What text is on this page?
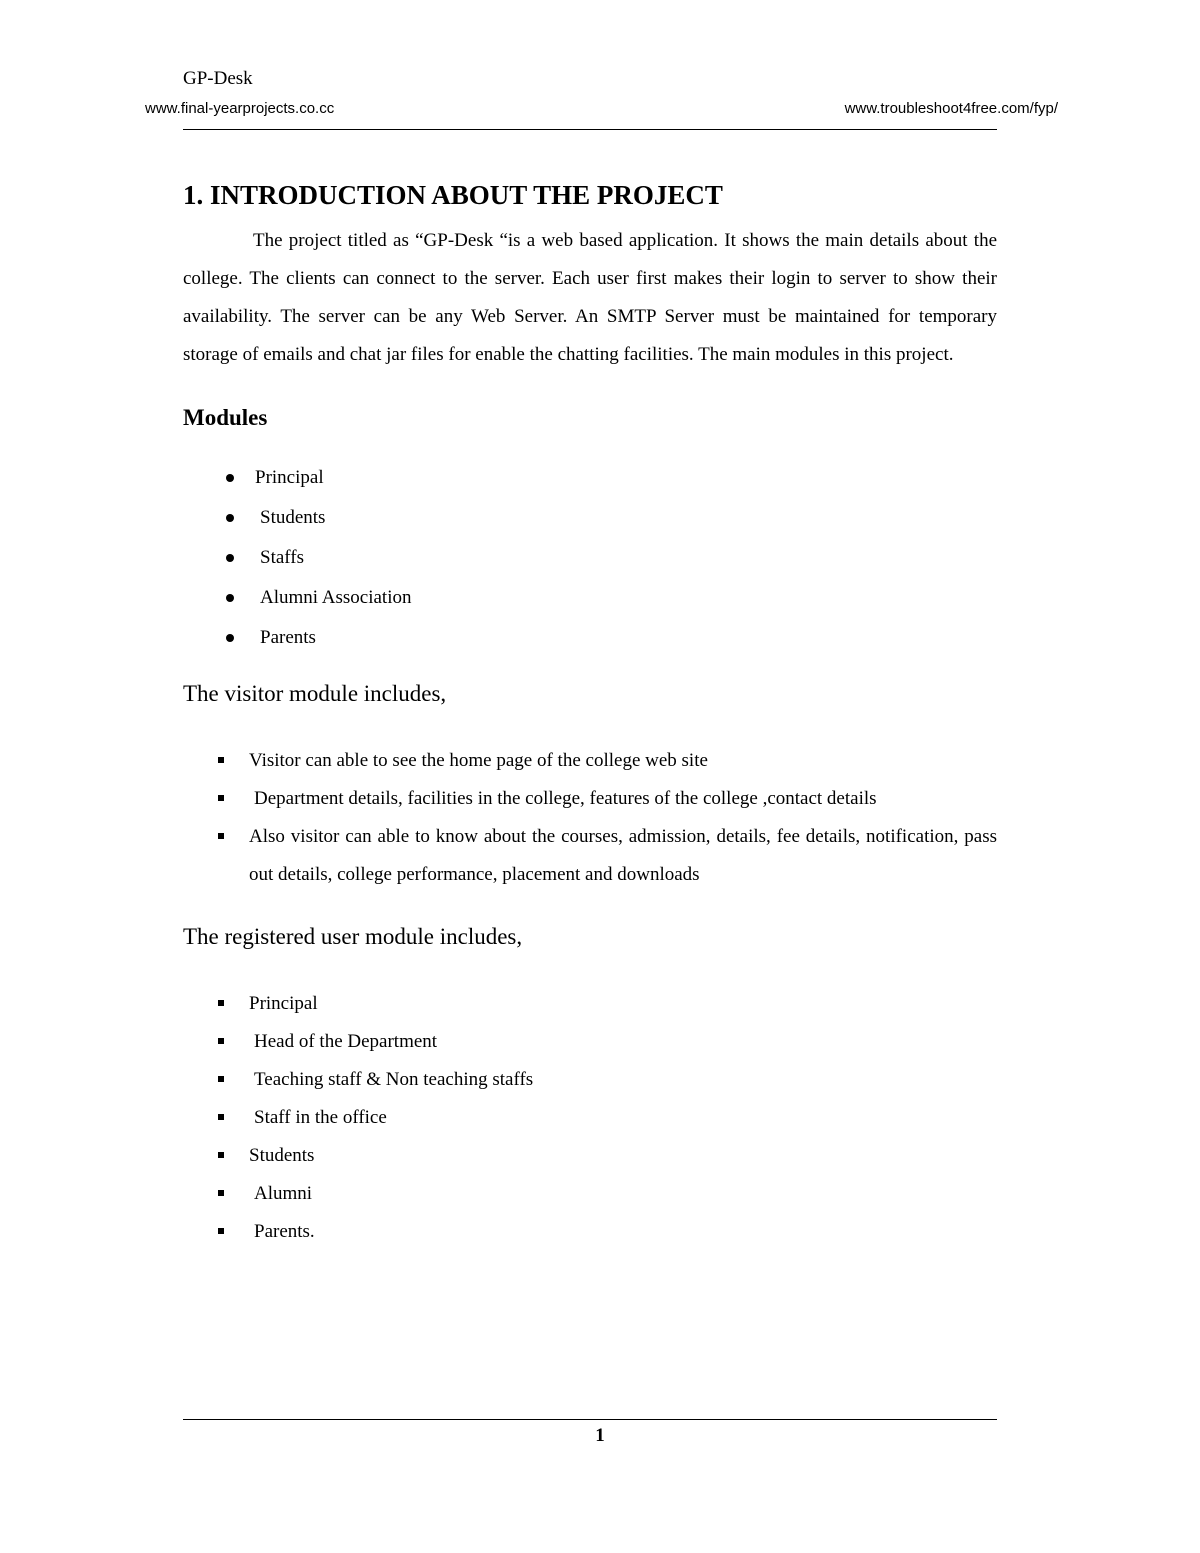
GP-Desk
www.final-yearprojects.co.cc	www.troubleshoot4free.com/fyp/
1. INTRODUCTION ABOUT THE PROJECT

The project titled as “GP-Desk “is a web based application. It shows the main details about the college. The clients can connect to the server. Each user first makes their login to server to show their availability. The server can be any Web Server. An SMTP Server must be maintained for temporary storage of emails and chat jar files for enable the chatting facilities. The main modules in this project.

Modules
Principal
Students
Staffs
Alumni Association
Parents
The visitor module includes,
Visitor can able to see the home page of the college web site
Department details, facilities in the college, features of the college ,contact details
Also visitor can able to know about the courses, admission, details, fee details, notification, pass out details, college performance, placement and downloads
The registered user module includes,
Principal
Head of the Department
Teaching staff & Non teaching staffs
Staff in the office
Students
Alumni
Parents.
1
